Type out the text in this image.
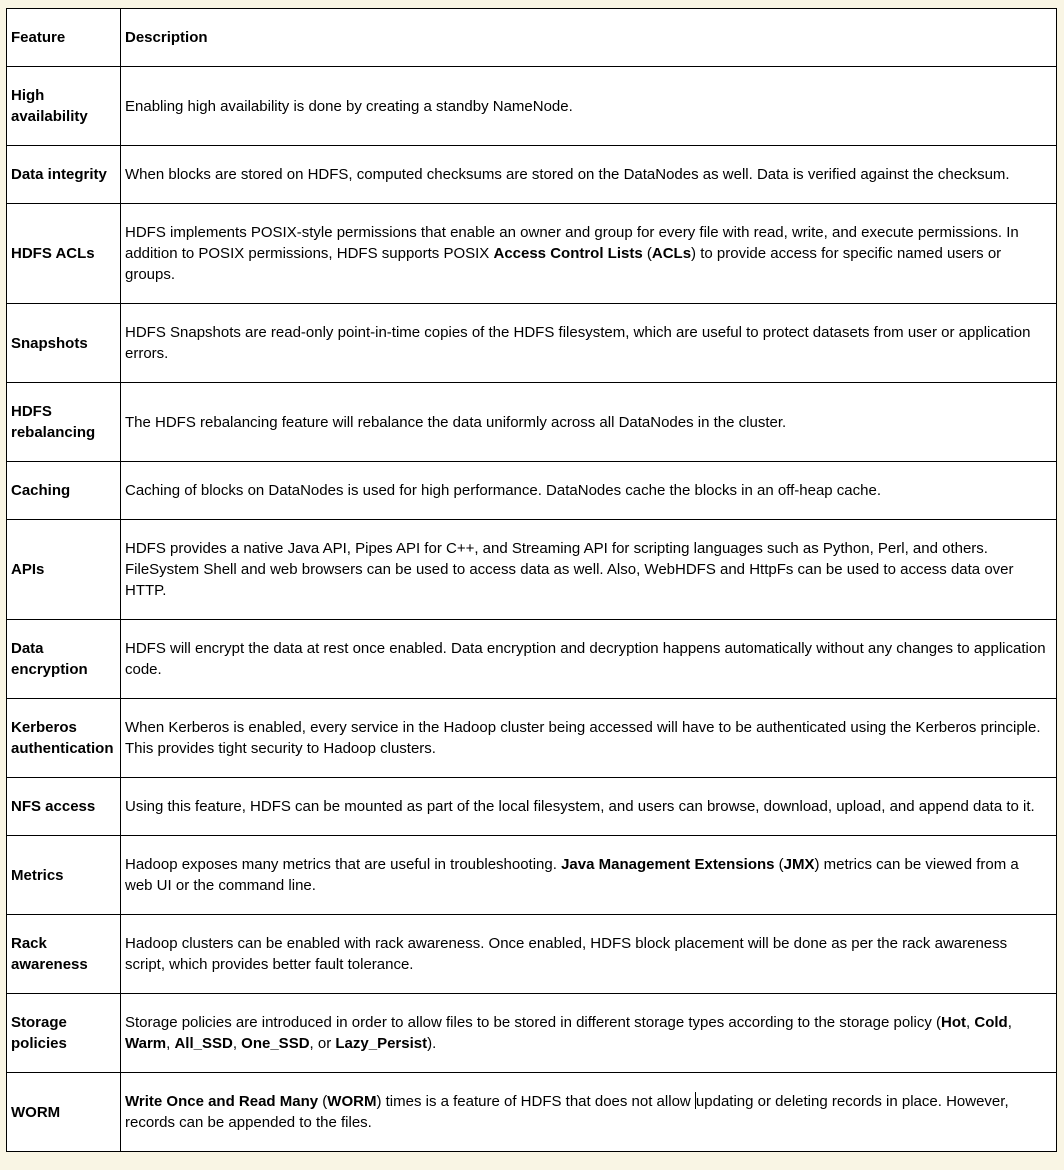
Feature	Description
High availability	Enabling high availability is done by creating a standby NameNode.
Data integrity	When blocks are stored on HDFS, computed checksums are stored on the DataNodes as well. Data is verified against the checksum.
HDFS ACLs	HDFS implements POSIX-style permissions that enable an owner and group for every file with read, write, and execute permissions. In addition to POSIX permissions, HDFS supports POSIX Access Control Lists (ACLs) to provide access for specific named users or groups.
Snapshots	HDFS Snapshots are read-only point-in-time copies of the HDFS filesystem, which are useful to protect datasets from user or application errors.
HDFS rebalancing	The HDFS rebalancing feature will rebalance the data uniformly across all DataNodes in the cluster.
Caching	Caching of blocks on DataNodes is used for high performance. DataNodes cache the blocks in an off-heap cache.
APIs	HDFS provides a native Java API, Pipes API for C++, and Streaming API for scripting languages such as Python, Perl, and others. FileSystem Shell and web browsers can be used to access data as well. Also, WebHDFS and HttpFs can be used to access data over HTTP.
Data encryption	HDFS will encrypt the data at rest once enabled. Data encryption and decryption happens automatically without any changes to application code.
Kerberos authentication	When Kerberos is enabled, every service in the Hadoop cluster being accessed will have to be authenticated using the Kerberos principle. This provides tight security to Hadoop clusters.
NFS access	Using this feature, HDFS can be mounted as part of the local filesystem, and users can browse, download, upload, and append data to it.
Metrics	Hadoop exposes many metrics that are useful in troubleshooting. Java Management Extensions (JMX) metrics can be viewed from a web UI or the command line.
Rack awareness	Hadoop clusters can be enabled with rack awareness. Once enabled, HDFS block placement will be done as per the rack awareness script, which provides better fault tolerance.
Storage policies	Storage policies are introduced in order to allow files to be stored in different storage types according to the storage policy (Hot, Cold, Warm, All_SSD, One_SSD, or Lazy_Persist).
WORM	Write Once and Read Many (WORM) times is a feature of HDFS that does not allow updating or deleting records in place. However, records can be appended to the files.
